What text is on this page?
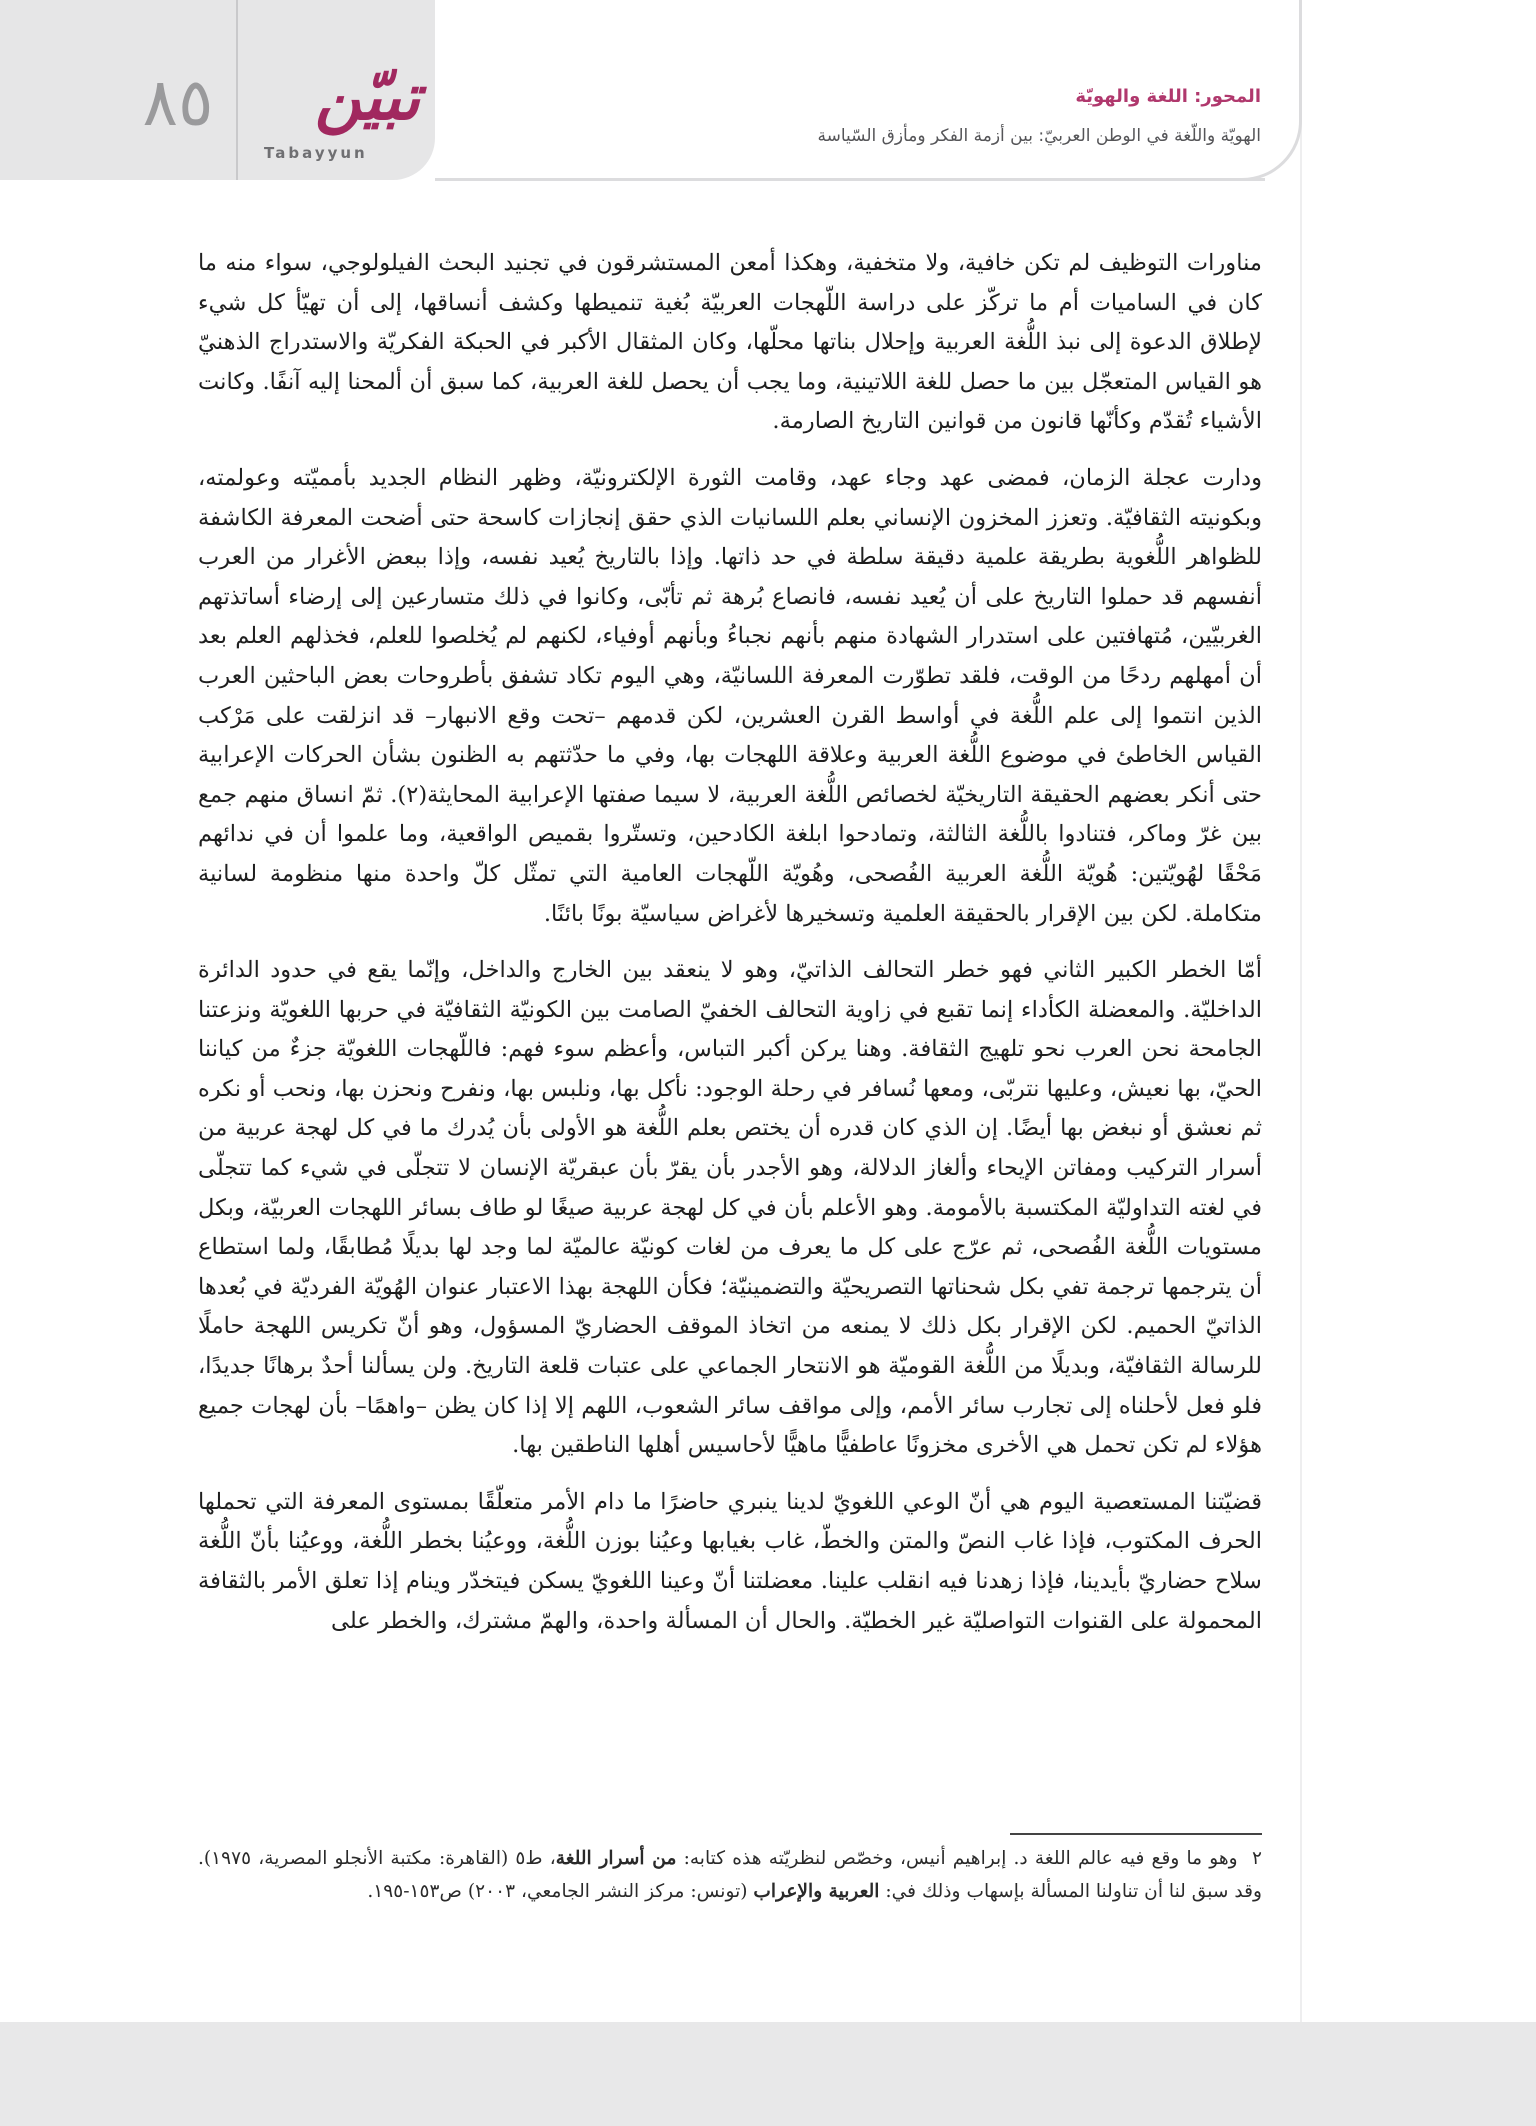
٨٥ تبيّن
Tabayyun
المحور: اللغة والهويّة
الهويّة واللّغة في الوطن العربيّ: بين أزمة الفكر ومأزق السّياسة

مناورات التوظيف لم تكن خافية، ولا متخفية، وهكذا أمعن المستشرقون في تجنيد البحث الفيلولوجي، سواء منه ما كان في الساميات أم ما تركّز على دراسة اللّهجات العربيّة بُغية تنميطها وكشف أنساقها، إلى أن تهيّأ كل شيء لإطلاق الدعوة إلى نبذ اللُّغة العربية وإحلال بناتها محلّها، وكان المثقال الأكبر في الحبكة الفكريّة والاستدراج الذهنيّ هو القياس المتعجّل بين ما حصل للغة اللاتينية، وما يجب أن يحصل للغة العربية، كما سبق أن ألمحنا إليه آنفًا. وكانت الأشياء تُقدّم وكأنّها قانون من قوانين التاريخ الصارمة.

ودارت عجلة الزمان، فمضى عهد وجاء عهد، وقامت الثورة الإلكترونيّة، وظهر النظام الجديد بأمميّته وعولمته، وبكونيته الثقافيّة. وتعزز المخزون الإنساني بعلم اللسانيات الذي حقق إنجازات كاسحة حتى أضحت المعرفة الكاشفة للظواهر اللُّغوية بطريقة علمية دقيقة سلطة في حد ذاتها. وإذا بالتاريخ يُعيد نفسه، وإذا ببعض الأغرار من العرب أنفسهم قد حملوا التاريخ على أن يُعيد نفسه، فانصاع بُرهة ثم تأبّى، وكانوا في ذلك متسارعين إلى إرضاء أساتذتهم الغربيّين، مُتهافتين على استدرار الشهادة منهم بأنهم نجباءُ وبأنهم أوفياء، لكنهم لم يُخلصوا للعلم، فخذلهم العلم بعد أن أمهلهم ردحًا من الوقت، فلقد تطوّرت المعرفة اللسانيّة، وهي اليوم تكاد تشفق بأطروحات بعض الباحثين العرب الذين انتموا إلى علم اللُّغة في أواسط القرن العشرين، لكن قدمهم –تحت وقع الانبهار– قد انزلقت على مَرْكب القياس الخاطئ في موضوع اللُّغة العربية وعلاقة اللهجات بها، وفي ما حدّثتهم به الظنون بشأن الحركات الإعرابية حتى أنكر بعضهم الحقيقة التاريخيّة لخصائص اللُّغة العربية، لا سيما صفتها الإعرابية المحايثة(٢). ثمّ انساق منهم جمع بين غرّ وماكر، فتنادوا باللُّغة الثالثة، وتمادحوا ابلغة الكادحين، وتستّروا بقميص الواقعية، وما علموا أن في ندائهم مَحْقًا لهُويّتين: هُويّة اللُّغة العربية الفُصحى، وهُويّة اللّهجات العامية التي تمثّل كلّ واحدة منها منظومة لسانية متكاملة. لكن بين الإقرار بالحقيقة العلمية وتسخيرها لأغراض سياسيّة بونًا بائنًا.

أمّا الخطر الكبير الثاني فهو خطر التحالف الذاتيّ، وهو لا ينعقد بين الخارج والداخل، وإنّما يقع في حدود الدائرة الداخليّة. والمعضلة الكأداء إنما تقبع في زاوية التحالف الخفيّ الصامت بين الكونيّة الثقافيّة في حربها اللغويّة ونزعتنا الجامحة نحن العرب نحو تلهيج الثقافة. وهنا يركن أكبر التباس، وأعظم سوء فهم: فاللّهجات اللغويّة جزءٌ من كياننا الحيّ، بها نعيش، وعليها نتربّى، ومعها نُسافر في رحلة الوجود: نأكل بها، ونلبس بها، ونفرح ونحزن بها، ونحب أو نكره ثم نعشق أو نبغض بها أيضًا. إن الذي كان قدره أن يختص بعلم اللُّغة هو الأولى بأن يُدرك ما في كل لهجة عربية من أسرار التركيب ومفاتن الإيحاء وألغاز الدلالة، وهو الأجدر بأن يقرّ بأن عبقريّة الإنسان لا تتجلّى في شيء كما تتجلّى في لغته التداوليّة المكتسبة بالأمومة. وهو الأعلم بأن في كل لهجة عربية صيغًا لو طاف بسائر اللهجات العربيّة، وبكل مستويات اللُّغة الفُصحى، ثم عرّج على كل ما يعرف من لغات كونيّة عالميّة لما وجد لها بديلًا مُطابقًا، ولما استطاع أن يترجمها ترجمة تفي بكل شحناتها التصريحيّة والتضمينيّة؛ فكأن اللهجة بهذا الاعتبار عنوان الهُويّة الفرديّة في بُعدها الذاتيّ الحميم. لكن الإقرار بكل ذلك لا يمنعه من اتخاذ الموقف الحضاريّ المسؤول، وهو أنّ تكريس اللهجة حاملًا للرسالة الثقافيّة، وبديلًا من اللُّغة القوميّة هو الانتحار الجماعي على عتبات قلعة التاريخ. ولن يسألنا أحدٌ برهانًا جديدًا، فلو فعل لأحلناه إلى تجارب سائر الأمم، وإلى مواقف سائر الشعوب، اللهم إلا إذا كان يظن –واهمًا– بأن لهجات جميع هؤلاء لم تكن تحمل هي الأخرى مخزونًا عاطفيًّا ماهيًّا لأحاسيس أهلها الناطقين بها.

قضيّتنا المستعصية اليوم هي أنّ الوعي اللغويّ لدينا ينبري حاضرًا ما دام الأمر متعلّقًا بمستوى المعرفة التي تحملها الحرف المكتوب، فإذا غاب النصّ والمتن والخطّ، غاب بغيابها وعيُنا بوزن اللُّغة، ووعيُنا بخطر اللُّغة، ووعيُنا بأنّ اللُّغة سلاح حضاريّ بأيدينا، فإذا زهدنا فيه انقلب علينا. معضلتنا أنّ وعينا اللغويّ يسكن فيتخدّر وينام إذا تعلق الأمر بالثقافة المحمولة على القنوات التواصليّة غير الخطيّة. والحال أن المسألة واحدة، والهمّ مشترك، والخطر على

٢  وهو ما وقع فيه عالم اللغة د. إبراهيم أنيس، وخصّص لنظريّته هذه كتابه: من أسرار اللغة، ط٥ (القاهرة: مكتبة الأنجلو المصرية، ١٩٧٥). وقد سبق لنا أن تناولنا المسألة بإسهاب وذلك في: العربية والإعراب (تونس: مركز النشر الجامعي، ٢٠٠٣) ص١٥٣-١٩٥.
